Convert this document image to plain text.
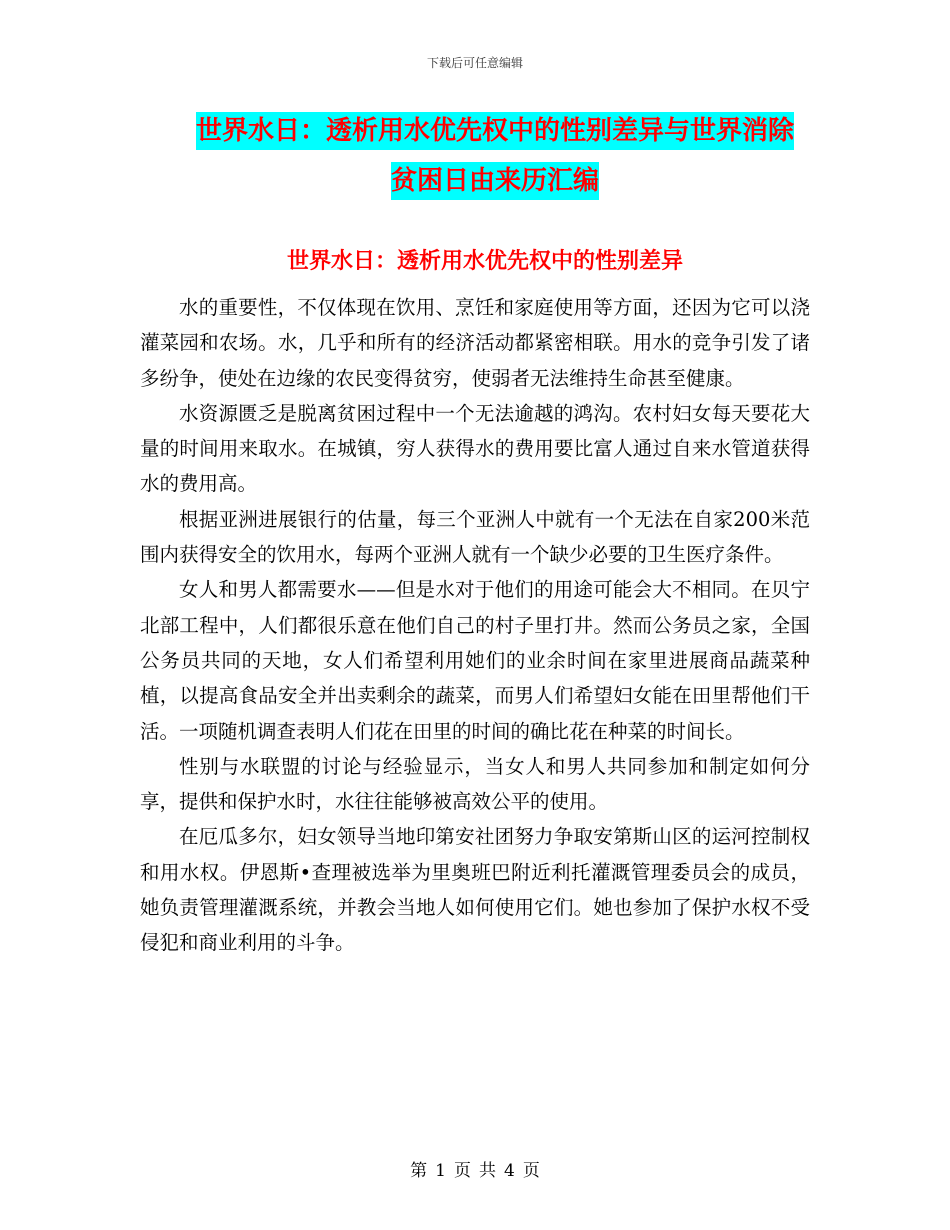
下载后可任意编辑
世界水日：透析用水优先权中的性别差异与世界消除
贫困日由来历汇编
世界水日：透析用水优先权中的性别差异

水的重要性，不仅体现在饮用、烹饪和家庭使用等方面，还因为它可以浇灌菜园和农场。水，几乎和所有的经济活动都紧密相联。用水的竞争引发了诸多纷争，使处在边缘的农民变得贫穷，使弱者无法维持生命甚至健康。

水资源匮乏是脱离贫困过程中一个无法逾越的鸿沟。农村妇女每天要花大量的时间用来取水。在城镇，穷人获得水的费用要比富人通过自来水管道获得水的费用高。

根据亚洲进展银行的估量，每三个亚洲人中就有一个无法在自家200米范围内获得安全的饮用水，每两个亚洲人就有一个缺少必要的卫生医疗条件。

女人和男人都需要水——但是水对于他们的用途可能会大不相同。在贝宁北部工程中，人们都很乐意在他们自己的村子里打井。然而公务员之家，全国公务员共同的天地，女人们希望利用她们的业余时间在家里进展商品蔬菜种植，以提高食品安全并出卖剩余的蔬菜，而男人们希望妇女能在田里帮他们干活。一项随机调查表明人们花在田里的时间的确比花在种菜的时间长。

性别与水联盟的讨论与经验显示，当女人和男人共同参加和制定如何分享，提供和保护水时，水往往能够被高效公平的使用。

在厄瓜多尔，妇女领导当地印第安社团努力争取安第斯山区的运河控制权和用水权。伊恩斯•查理被选举为里奥班巴附近利托灌溉管理委员会的成员，她负责管理灌溉系统，并教会当地人如何使用它们。她也参加了保护水权不受侵犯和商业利用的斗争。

第 1 页 共 4 页
